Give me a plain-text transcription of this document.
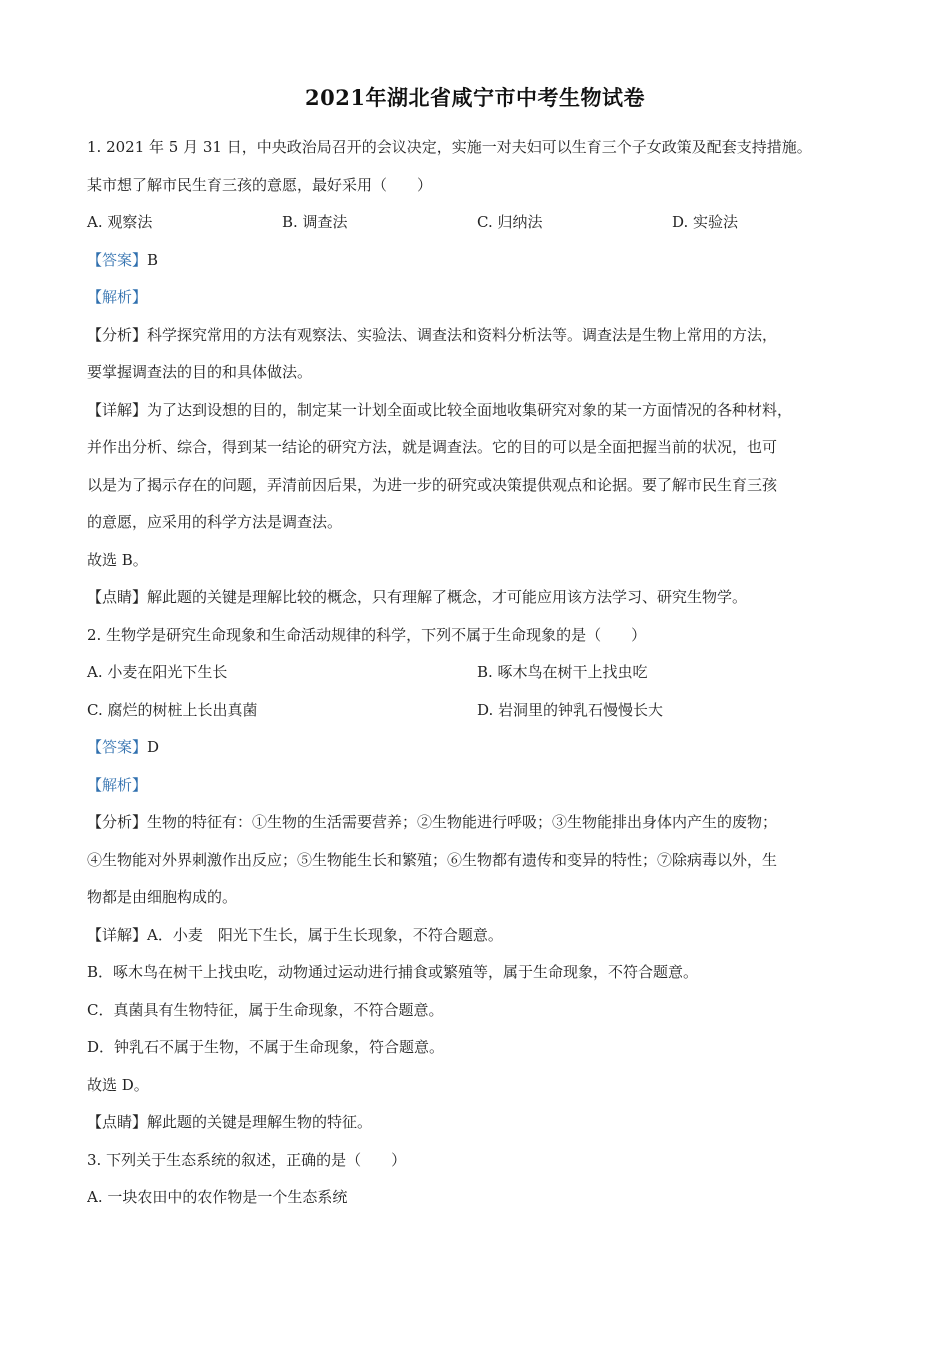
2021年湖北省咸宁市中考生物试卷
1. 2021 年 5 月 31 日，中央政治局召开的会议决定，实施一对夫妇可以生育三个子女政策及配套支持措施。
某市想了解市民生育三孩的意愿，最好采用（　　）
A. 观察法	B. 调查法	C. 归纳法	D. 实验法
【答案】B
【解析】
【分析】科学探究常用的方法有观察法、实验法、调查法和资料分析法等。调查法是生物上常用的方法，
要掌握调查法的目的和具体做法。
【详解】为了达到设想的目的，制定某一计划全面或比较全面地收集研究对象的某一方面情况的各种材料，
并作出分析、综合，得到某一结论的研究方法，就是调查法。它的目的可以是全面把握当前的状况，也可
以是为了揭示存在的问题，弄清前因后果，为进一步的研究或决策提供观点和论据。要了解市民生育三孩
的意愿，应采用的科学方法是调查法。
故选 B。
【点睛】解此题的关键是理解比较的概念，只有理解了概念，才可能应用该方法学习、研究生物学。
2. 生物学是研究生命现象和生命活动规律的科学，下列不属于生命现象的是（　　）
A. 小麦在阳光下生长	B. 啄木鸟在树干上找虫吃
C. 腐烂的树桩上长出真菌	D. 岩洞里的钟乳石慢慢长大
【答案】D
【解析】
【分析】生物的特征有：①生物的生活需要营养；②生物能进行呼吸；③生物能排出身体内产生的废物；
④生物能对外界刺激作出反应；⑤生物能生长和繁殖；⑥生物都有遗传和变异的特性；⑦除病毒以外，生
物都是由细胞构成的。
【详解】A．小麦　阳光下生长，属于生长现象，不符合题意。
B．啄木鸟在树干上找虫吃，动物通过运动进行捕食或繁殖等，属于生命现象，不符合题意。
C．真菌具有生物特征，属于生命现象，不符合题意。
D．钟乳石不属于生物，不属于生命现象，符合题意。
故选 D。
【点睛】解此题的关键是理解生物的特征。
3. 下列关于生态系统的叙述，正确的是（　　）
A. 一块农田中的农作物是一个生态系统
